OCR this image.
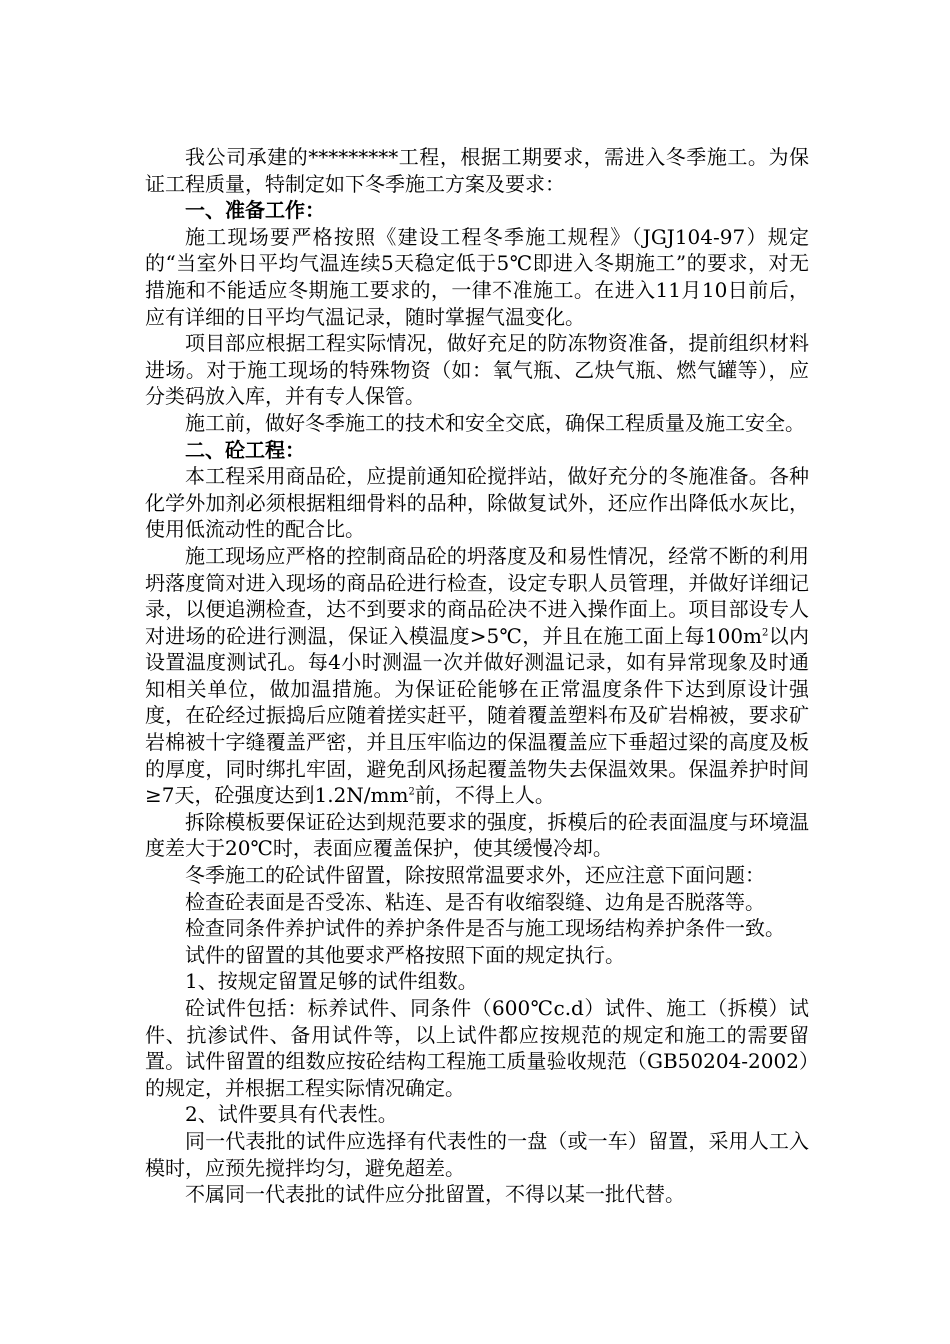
我公司承建的*********工程，根据工期要求，需进入冬季施工。为保证工程质量，特制定如下冬季施工方案及要求：

一、准备工作：

施工现场要严格按照《建设工程冬季施工规程》（JGJ104-97）规定的“当室外日平均气温连续5天稳定低于5℃即进入冬期施工”的要求，对无措施和不能适应冬期施工要求的，一律不准施工。在进入11月10日前后，应有详细的日平均气温记录，随时掌握气温变化。

项目部应根据工程实际情况，做好充足的防冻物资准备，提前组织材料进场。对于施工现场的特殊物资（如：氧气瓶、乙炔气瓶、燃气罐等），应分类码放入库，并有专人保管。

施工前，做好冬季施工的技术和安全交底，确保工程质量及施工安全。

二、砼工程：

本工程采用商品砼，应提前通知砼搅拌站，做好充分的冬施准备。各种化学外加剂必须根据粗细骨料的品种，除做复试外，还应作出降低水灰比，使用低流动性的配合比。

施工现场应严格的控制商品砼的坍落度及和易性情况，经常不断的利用坍落度筒对进入现场的商品砼进行检查，设定专职人员管理，并做好详细记录，以便追溯检查，达不到要求的商品砼决不进入操作面上。项目部设专人对进场的砼进行测温，保证入模温度>5℃，并且在施工面上每$100m^2$以内设置温度测试孔。每4小时测温一次并做好测温记录，如有异常现象及时通知相关单位，做加温措施。为保证砼能够在正常温度条件下达到原设计强度，在砼经过振捣后应随着搓实赶平，随着覆盖塑料布及矿岩棉被，要求矿岩棉被十字缝覆盖严密，并且压牢临边的保温覆盖应下垂超过梁的高度及板的厚度，同时绑扎牢固，避免刮风扬起覆盖物失去保温效果。保温养护时间≥7天，砼强度达到$1.2N/mm^2$前，不得上人。

拆除模板要保证砼达到规范要求的强度，拆模后的砼表面温度与环境温度差大于20℃时，表面应覆盖保护，使其缓慢冷却。

冬季施工的砼试件留置，除按照常温要求外，还应注意下面问题：

检查砼表面是否受冻、粘连、是否有收缩裂缝、边角是否脱落等。

检查同条件养护试件的养护条件是否与施工现场结构养护条件一致。

试件的留置的其他要求严格按照下面的规定执行。

1、按规定留置足够的试件组数。

砼试件包括：标养试件、同条件（600℃c.d）试件、施工（拆模）试件、抗渗试件、备用试件等，以上试件都应按规范的规定和施工的需要留置。试件留置的组数应按砼结构工程施工质量验收规范（GB50204-2002）的规定，并根据工程实际情况确定。

2、试件要具有代表性。

同一代表批的试件应选择有代表性的一盘（或一车）留置，采用人工入模时，应预先搅拌均匀，避免超差。

不属同一代表批的试件应分批留置，不得以某一批代替。
